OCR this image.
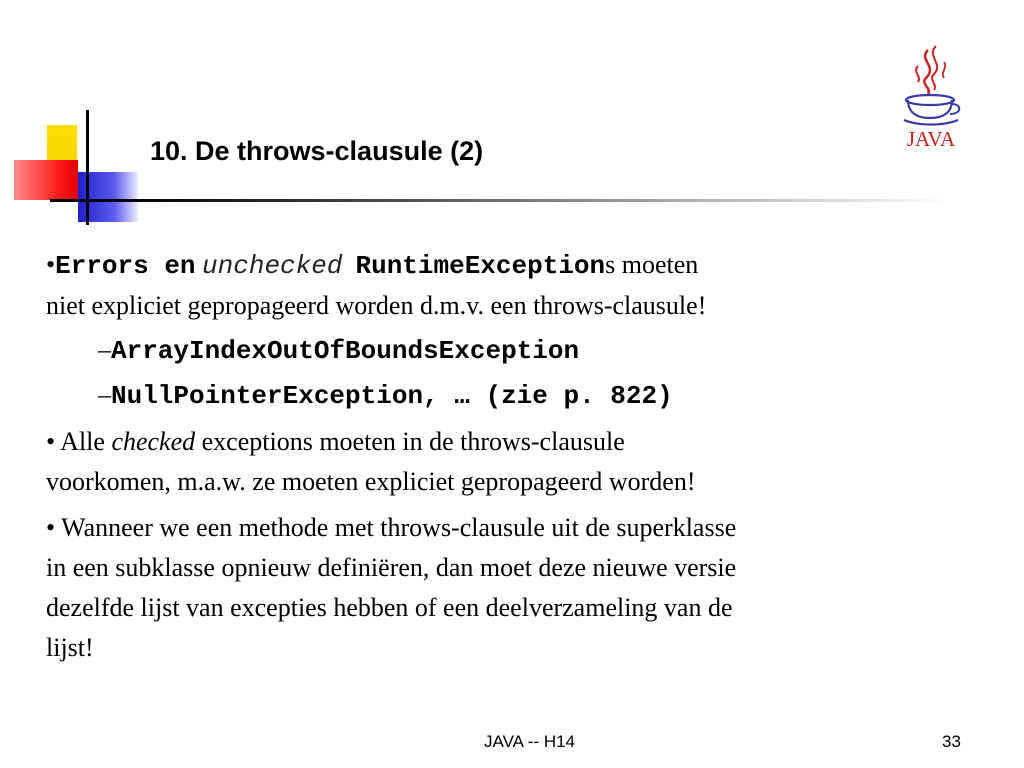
10. De throws-clausule (2)	JAVA

•Errors en unchecked RuntimeExceptions moeten
niet expliciet gepropageerd worden d.m.v. een throws-clausule!

–ArrayIndexOutOfBoundsException

–NullPointerException, … (zie p. 822)

• Alle checked exceptions moeten in de throws-clausule
voorkomen, m.a.w. ze moeten expliciet gepropageerd worden!

• Wanneer we een methode met throws-clausule uit de superklasse
in een subklasse opnieuw definiëren, dan moet deze nieuwe versie
dezelfde lijst van excepties hebben of een deelverzameling van de
lijst!

JAVA -- H14	33
